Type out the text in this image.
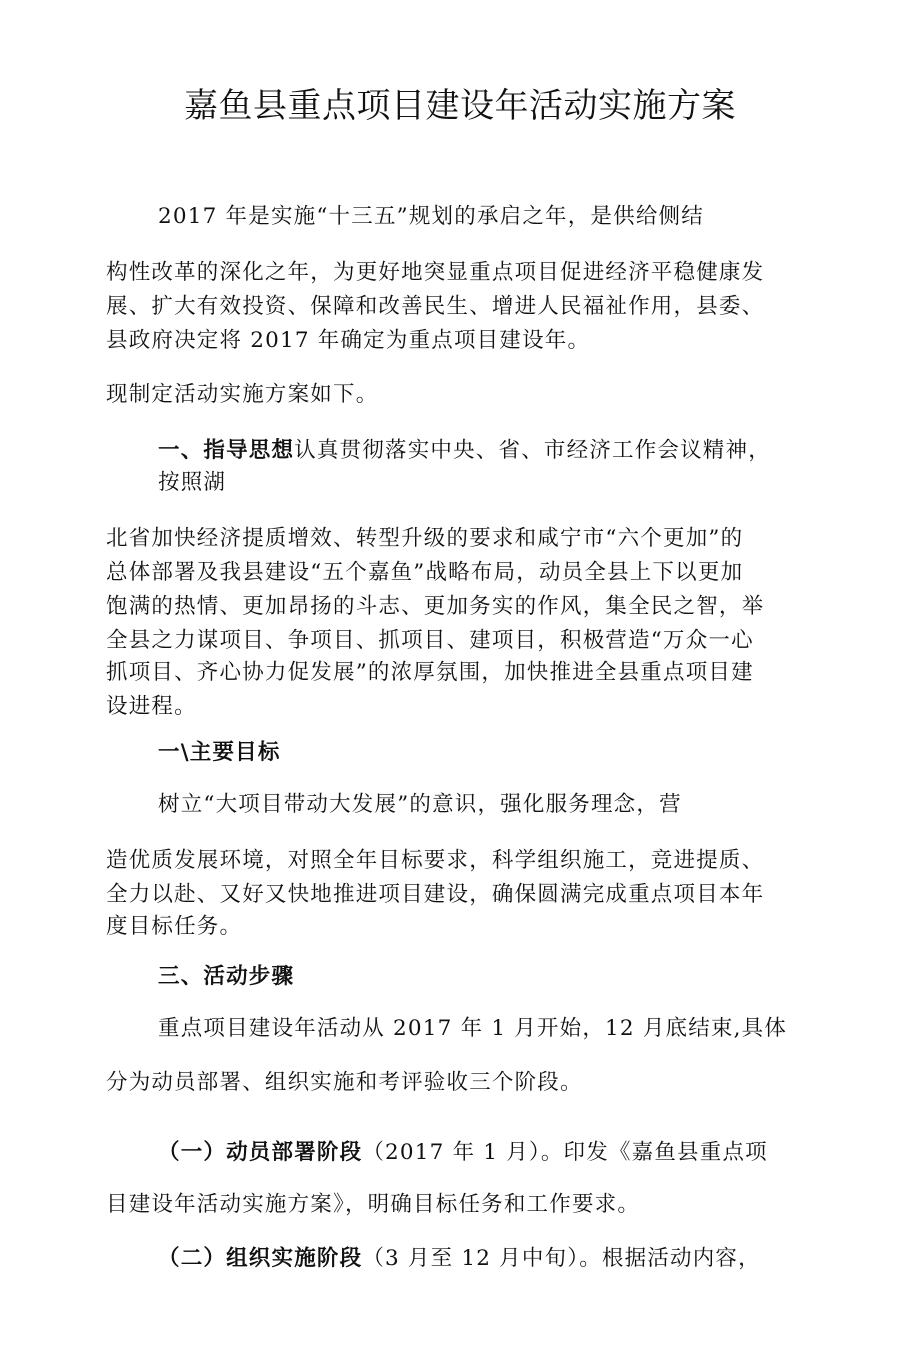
嘉鱼县重点项目建设年活动实施方案
2017 年是实施“十三五”规划的承启之年，是供给侧结
构性改革的深化之年，为更好地突显重点项目促进经济平稳健康发
展、扩大有效投资、保障和改善民生、增进人民福祉作用，县委、
县政府决定将 2017 年确定为重点项目建设年。
现制定活动实施方案如下。
一、指导思想认真贯彻落实中央、省、市经济工作会议精神，
按照湖
北省加快经济提质增效、转型升级的要求和咸宁市“六个更加”的
总体部署及我县建设“五个嘉鱼”战略布局，动员全县上下以更加
饱满的热情、更加昂扬的斗志、更加务实的作风，集全民之智，举
全县之力谋项目、争项目、抓项目、建项目，积极营造“万众一心
抓项目、齐心协力促发展”的浓厚氛围，加快推进全县重点项目建
设进程。
一\主要目标
树立“大项目带动大发展”的意识，强化服务理念，营
造优质发展环境，对照全年目标要求，科学组织施工，竞进提质、
全力以赴、又好又快地推进项目建设，确保圆满完成重点项目本年
度目标任务。
三、活动步骤
重点项目建设年活动从 2017 年 1 月开始，12 月底结束,具体
分为动员部署、组织实施和考评验收三个阶段。
（一）动员部署阶段（2017 年 1 月）。印发《嘉鱼县重点项
目建设年活动实施方案》，明确目标任务和工作要求。
（二）组织实施阶段（3 月至 12 月中旬）。根据活动内容，
